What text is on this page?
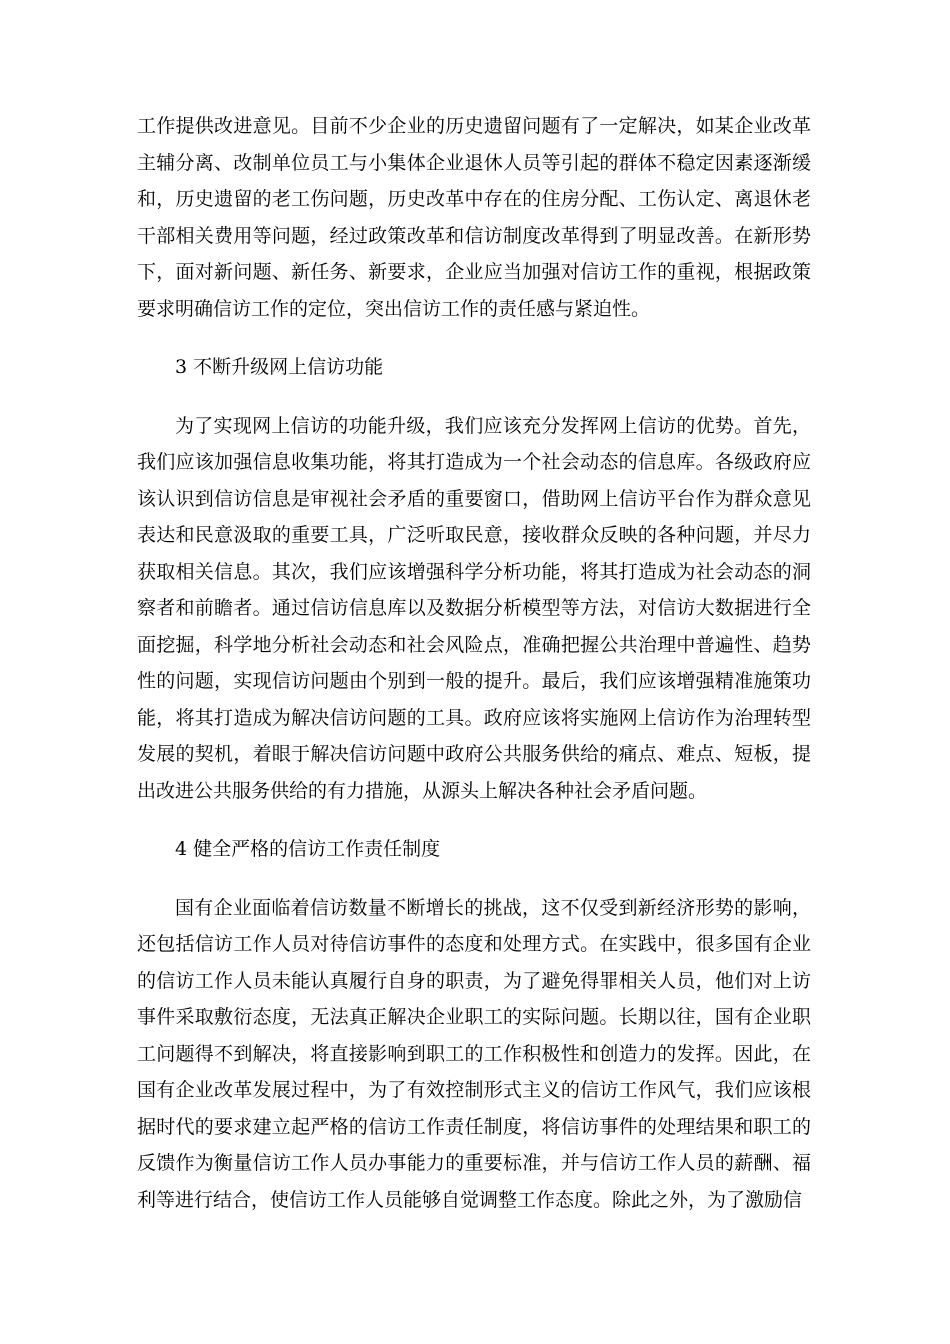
工作提供改进意见。目前不少企业的历史遗留问题有了一定解决，如某企业改革主辅分离、改制单位员工与小集体企业退休人员等引起的群体不稳定因素逐渐缓和，历史遗留的老工伤问题，历史改革中存在的住房分配、工伤认定、离退休老干部相关费用等问题，经过政策改革和信访制度改革得到了明显改善。在新形势下，面对新问题、新任务、新要求，企业应当加强对信访工作的重视，根据政策要求明确信访工作的定位，突出信访工作的责任感与紧迫性。

3 不断升级网上信访功能

为了实现网上信访的功能升级，我们应该充分发挥网上信访的优势。首先，我们应该加强信息收集功能，将其打造成为一个社会动态的信息库。各级政府应该认识到信访信息是审视社会矛盾的重要窗口，借助网上信访平台作为群众意见表达和民意汲取的重要工具，广泛听取民意，接收群众反映的各种问题，并尽力获取相关信息。其次，我们应该增强科学分析功能，将其打造成为社会动态的洞察者和前瞻者。通过信访信息库以及数据分析模型等方法，对信访大数据进行全面挖掘，科学地分析社会动态和社会风险点，准确把握公共治理中普遍性、趋势性的问题，实现信访问题由个别到一般的提升。最后，我们应该增强精准施策功能，将其打造成为解决信访问题的工具。政府应该将实施网上信访作为治理转型发展的契机，着眼于解决信访问题中政府公共服务供给的痛点、难点、短板，提出改进公共服务供给的有力措施，从源头上解决各种社会矛盾问题。

4 健全严格的信访工作责任制度

国有企业面临着信访数量不断增长的挑战，这不仅受到新经济形势的影响，还包括信访工作人员对待信访事件的态度和处理方式。在实践中，很多国有企业的信访工作人员未能认真履行自身的职责，为了避免得罪相关人员，他们对上访事件采取敷衍态度，无法真正解决企业职工的实际问题。长期以往，国有企业职工问题得不到解决，将直接影响到职工的工作积极性和创造力的发挥。因此，在国有企业改革发展过程中，为了有效控制形式主义的信访工作风气，我们应该根据时代的要求建立起严格的信访工作责任制度，将信访事件的处理结果和职工的反馈作为衡量信访工作人员办事能力的重要标准，并与信访工作人员的薪酬、福利等进行结合，使信访工作人员能够自觉调整工作态度。除此之外，为了激励信
